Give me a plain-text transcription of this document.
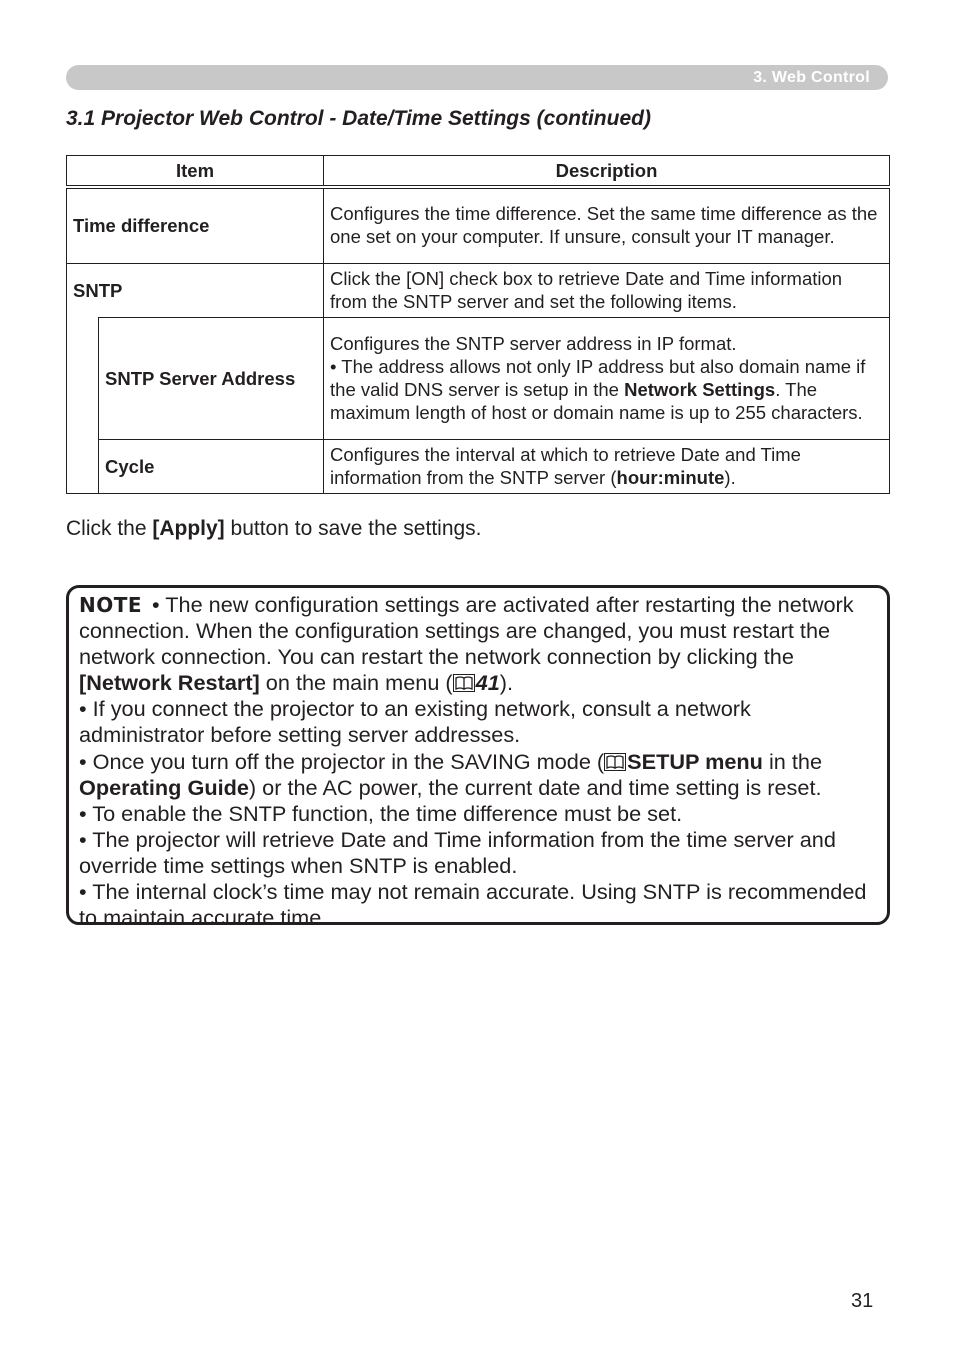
3. Web Control
3.1 Projector Web Control - Date/Time Settings (continued)
Item		Description
Time difference		Configures the time difference. Set the same time difference as the one set on your computer. If unsure, consult your IT manager.
SNTP		Click the [ON] check box to retrieve Date and Time information from the SNTP server and set the following items.
	SNTP Server Address	Configures the SNTP server address in IP format.
• The address allows not only IP address but also domain name if the valid DNS server is setup in the Network Settings. The maximum length of host or domain name is up to 255 characters.
	Cycle	Configures the interval at which to retrieve Date and Time information from the SNTP server (hour:minute).

Click the [Apply] button to save the settings.

NOTE • The new configuration settings are activated after restarting the network connection. When the configuration settings are changed, you must restart the network connection. You can restart the network connection by clicking the [Network Restart] on the main menu ( 41).

• If you connect the projector to an existing network, consult a network administrator before setting server addresses.

• Once you turn off the projector in the SAVING mode ( SETUP menu in the Operating Guide) or the AC power, the current date and time setting is reset.

• To enable the SNTP function, the time difference must be set.

• The projector will retrieve Date and Time information from the time server and override time settings when SNTP is enabled.

• The internal clock’s time may not remain accurate. Using SNTP is recommended to maintain accurate time.

31
